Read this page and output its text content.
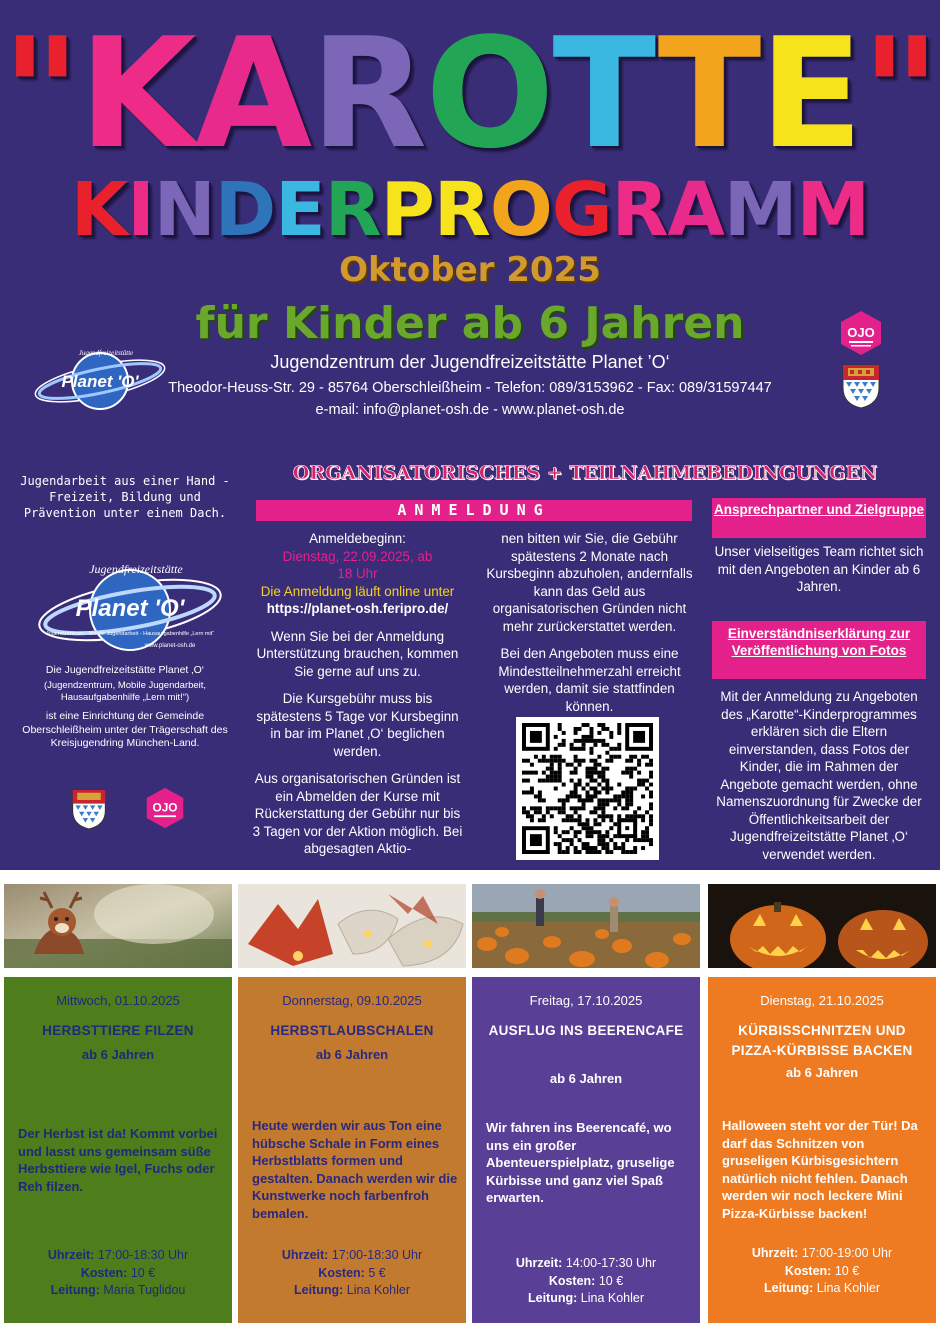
"KAROTTE"
KINDERPROGRAMM
Oktober 2025
für Kinder ab 6 Jahren
Planet 'O'
Jugendfreizeitstätte	Jugendzentrum der Jugendfreizeitstätte Planet ’O‘
Theodor-Heuss-Str. 29 - 85764 Oberschleißheim - Telefon: 089/3153962 - Fax: 089/31597447
e-mail: info@planet-osh.de - www.planet-osh.de
OJO
Jugendarbeit aus einer Hand - Freizeit, Bildung und Prävention unter einem Dach.
Jugendfreizeitstätte
Planet 'O'
Jugendzentrum - Mobile Jugendarbeit - Hausaufgabenhilfe „Lern mit“
www.planet-osh.de
Die Jugendfreizeitstätte Planet ‚O‘
(Jugendzentrum, Mobile Jugendarbeit, Hausaufgabenhilfe „Lern mit!“)
ist eine Einrichtung der Gemeinde Oberschleißheim unter der Trägerschaft des Kreisjugendring München-Land.
OJO
ORGANISATORISCHES + TEILNAHMEBEDINGUNGEN
ANMELDUNG

Anmeldebeginn:
Dienstag, 22.09.2025, ab 18 Uhr
Die Anmeldung läuft online unter
https://planet-osh.feripro.de/

Wenn Sie bei der Anmeldung Unterstützung brauchen, kommen Sie gerne auf uns zu.

Die Kursgebühr muss bis spätestens 5 Tage vor Kursbeginn in bar im Planet ‚O‘ beglichen werden.

Aus organisatorischen Gründen ist ein Abmelden der Kurse mit Rückerstattung der Gebühr nur bis 3 Tagen vor der Aktion möglich. Bei abgesagten Aktio-

nen bitten wir Sie, die Gebühr spätestens 2 Monate nach Kursbeginn abzuholen, andernfalls kann das Geld aus organisatorischen Gründen nicht mehr zurückerstattet werden.

Bei den Angeboten muss eine Mindestteilnehmerzahl erreicht werden, damit sie stattfinden können.

Ansprechpartner und Zielgruppe
Unser vielseitiges Team richtet sich mit den Angeboten an Kinder ab 6 Jahren.
Einverständniserklärung zur Veröffentlichung von Fotos
Mit der Anmeldung zu Angeboten des „Karotte“-Kinderprogrammes erklären sich die Eltern einverstanden, dass Fotos der Kinder, die im Rahmen der Angebote gemacht werden, ohne Namenszuordnung für Zwecke der Öffentlichkeitsarbeit der Jugendfreizeitstätte Planet ‚O‘ verwendet werden.
Mittwoch, 01.10.2025
HERBSTTIERE FILZEN
ab 6 Jahren
Der Herbst ist da! Kommt vorbei und lasst uns gemeinsam süße Herbsttiere wie Igel, Fuchs oder Reh filzen.
Uhrzeit: 17:00-18:30 Uhr
Kosten: 10 €
Leitung: Maria Tuglidou
Donnerstag, 09.10.2025
HERBSTLAUBSCHALEN
ab 6 Jahren
Heute werden wir aus Ton eine hübsche Schale in Form eines Herbstblatts formen und gestalten. Danach werden wir die Kunstwerke noch farbenfroh bemalen.
Uhrzeit: 17:00-18:30 Uhr
Kosten: 5 €
Leitung: Lina Kohler
Freitag, 17.10.2025
AUSFLUG INS BEERENCAFE
ab 6 Jahren
Wir fahren ins Beerencafé, wo uns ein großer Abenteuerspielplatz, gruselige Kürbisse und ganz viel Spaß erwarten.
Uhrzeit: 14:00-17:30 Uhr
Kosten: 10 €
Leitung: Lina Kohler
Dienstag, 21.10.2025
KÜRBISSCHNITZEN UND PIZZA-KÜRBISSE BACKEN
ab 6 Jahren
Halloween steht vor der Tür! Da darf das Schnitzen von gruseligen Kürbisgesichtern natürlich nicht fehlen. Danach werden wir noch leckere Mini Pizza-Kürbisse backen!
Uhrzeit: 17:00-19:00 Uhr
Kosten: 10 €
Leitung: Lina Kohler
